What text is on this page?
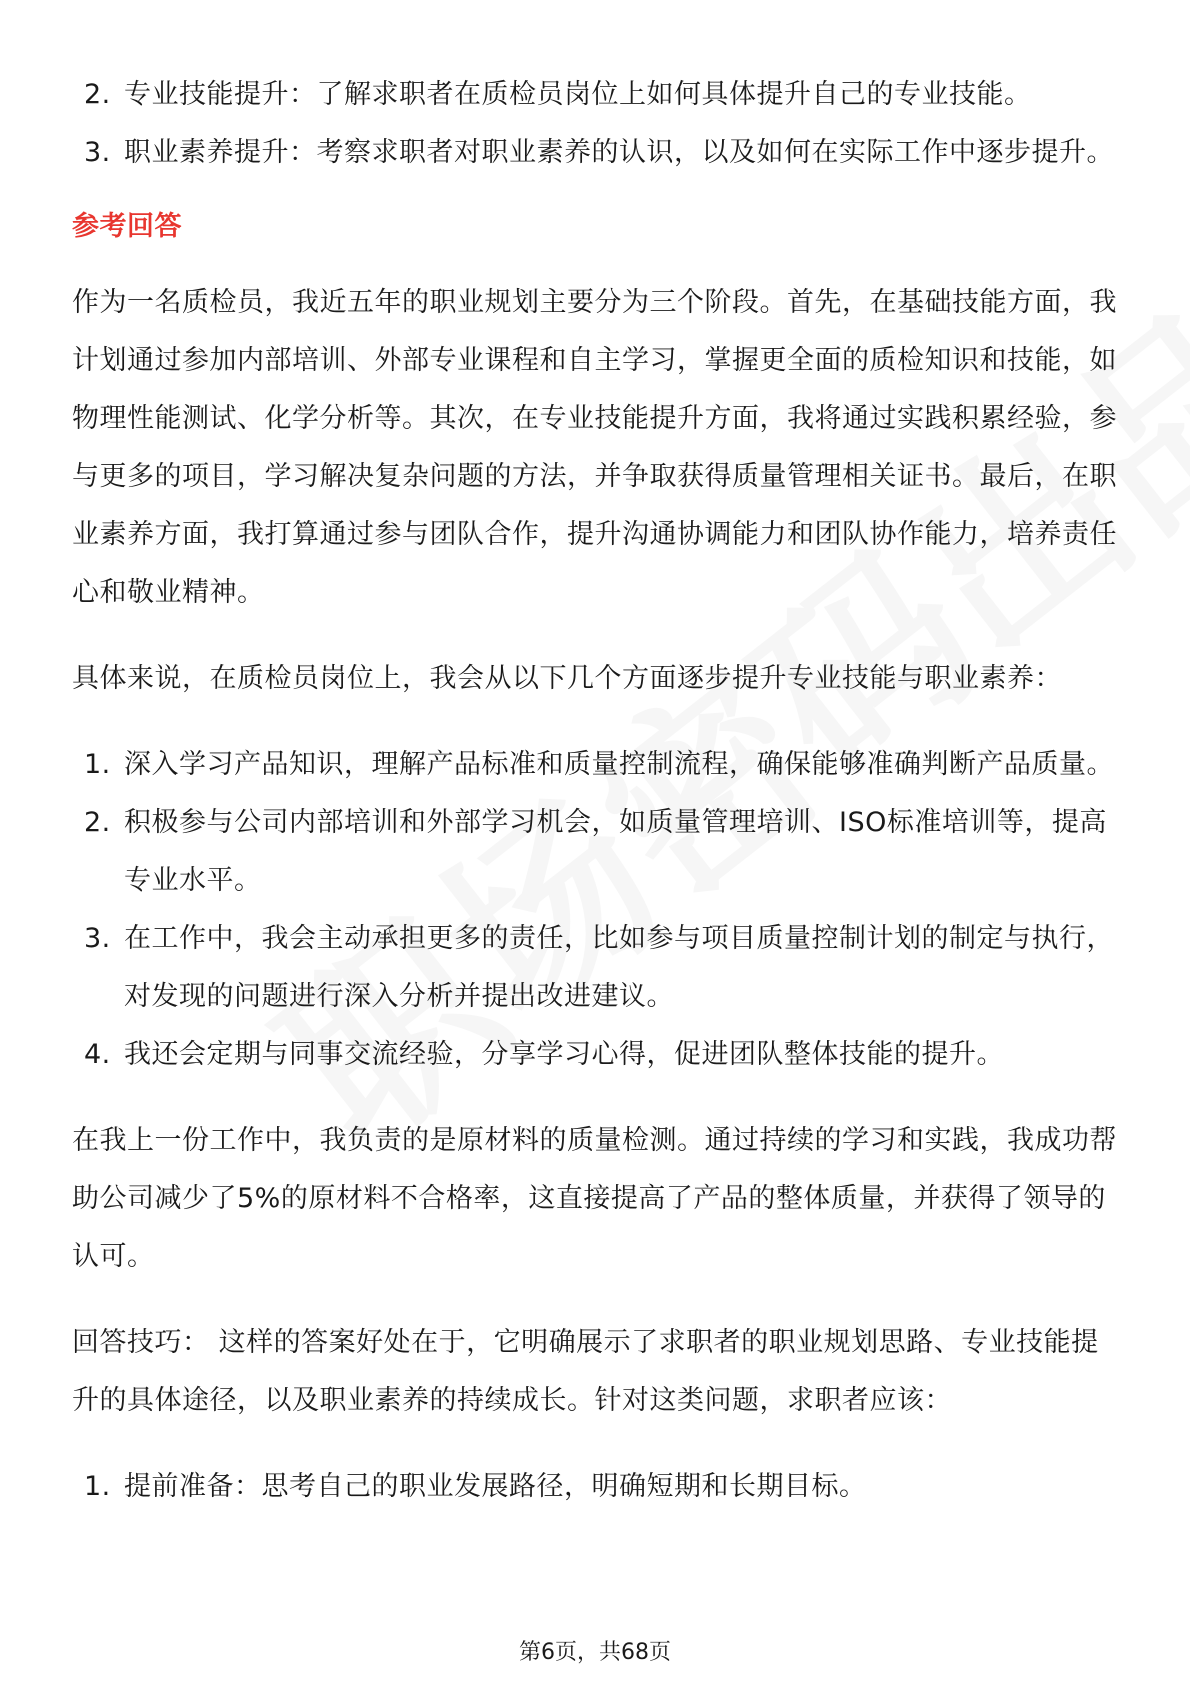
2. 专业技能提升：了解求职者在质检员岗位上如何具体提升自己的专业技能。
3. 职业素养提升：考察求职者对职业素养的认识，以及如何在实际工作中逐步提升。
参考回答

作为一名质检员，我近五年的职业规划主要分为三个阶段。首先，在基础技能方面，我计划通过参加内部培训、外部专业课程和自主学习，掌握更全面的质检知识和技能，如物理性能测试、化学分析等。其次，在专业技能提升方面，我将通过实践积累经验，参与更多的项目，学习解决复杂问题的方法，并争取获得质量管理相关证书。最后，在职业素养方面，我打算通过参与团队合作，提升沟通协调能力和团队协作能力，培养责任心和敬业精神。

具体来说，在质检员岗位上，我会从以下几个方面逐步提升专业技能与职业素养：

1. 深入学习产品知识，理解产品标准和质量控制流程，确保能够准确判断产品质量。
2. 积极参与公司内部培训和外部学习机会，如质量管理培训、ISO标准培训等，提高专业水平。
3. 在工作中，我会主动承担更多的责任，比如参与项目质量控制计划的制定与执行，对发现的问题进行深入分析并提出改进建议。
4. 我还会定期与同事交流经验，分享学习心得，促进团队整体技能的提升。

在我上一份工作中，我负责的是原材料的质量检测。通过持续的学习和实践，我成功帮助公司减少了5%的原材料不合格率，这直接提高了产品的整体质量，并获得了领导的认可。

回答技巧： 这样的答案好处在于，它明确展示了求职者的职业规划思路、专业技能提升的具体途径，以及职业素养的持续成长。针对这类问题，求职者应该：

1. 提前准备：思考自己的职业发展路径，明确短期和长期目标。
第6页，共68页
